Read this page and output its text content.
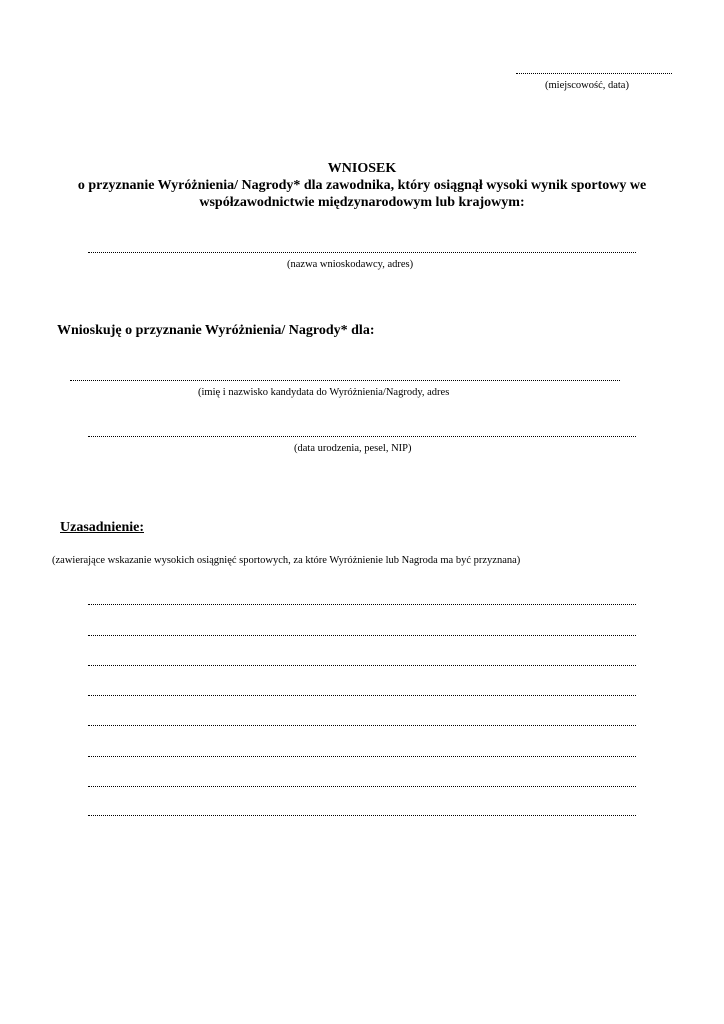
(miejscowość, data)
WNIOSEK
o przyznanie Wyróżnienia/ Nagrody* dla zawodnika, który osiągnął wysoki wynik sportowy we
współzawodnictwie międzynarodowym lub krajowym:
(nazwa wnioskodawcy, adres)
Wnioskuję o przyznanie Wyróżnienia/ Nagrody* dla:
(imię i nazwisko kandydata do Wyróżnienia/Nagrody, adres
(data urodzenia, pesel, NIP)
Uzasadnienie:
(zawierające wskazanie wysokich osiągnięć sportowych, za które Wyróżnienie lub Nagroda ma być przyznana)
